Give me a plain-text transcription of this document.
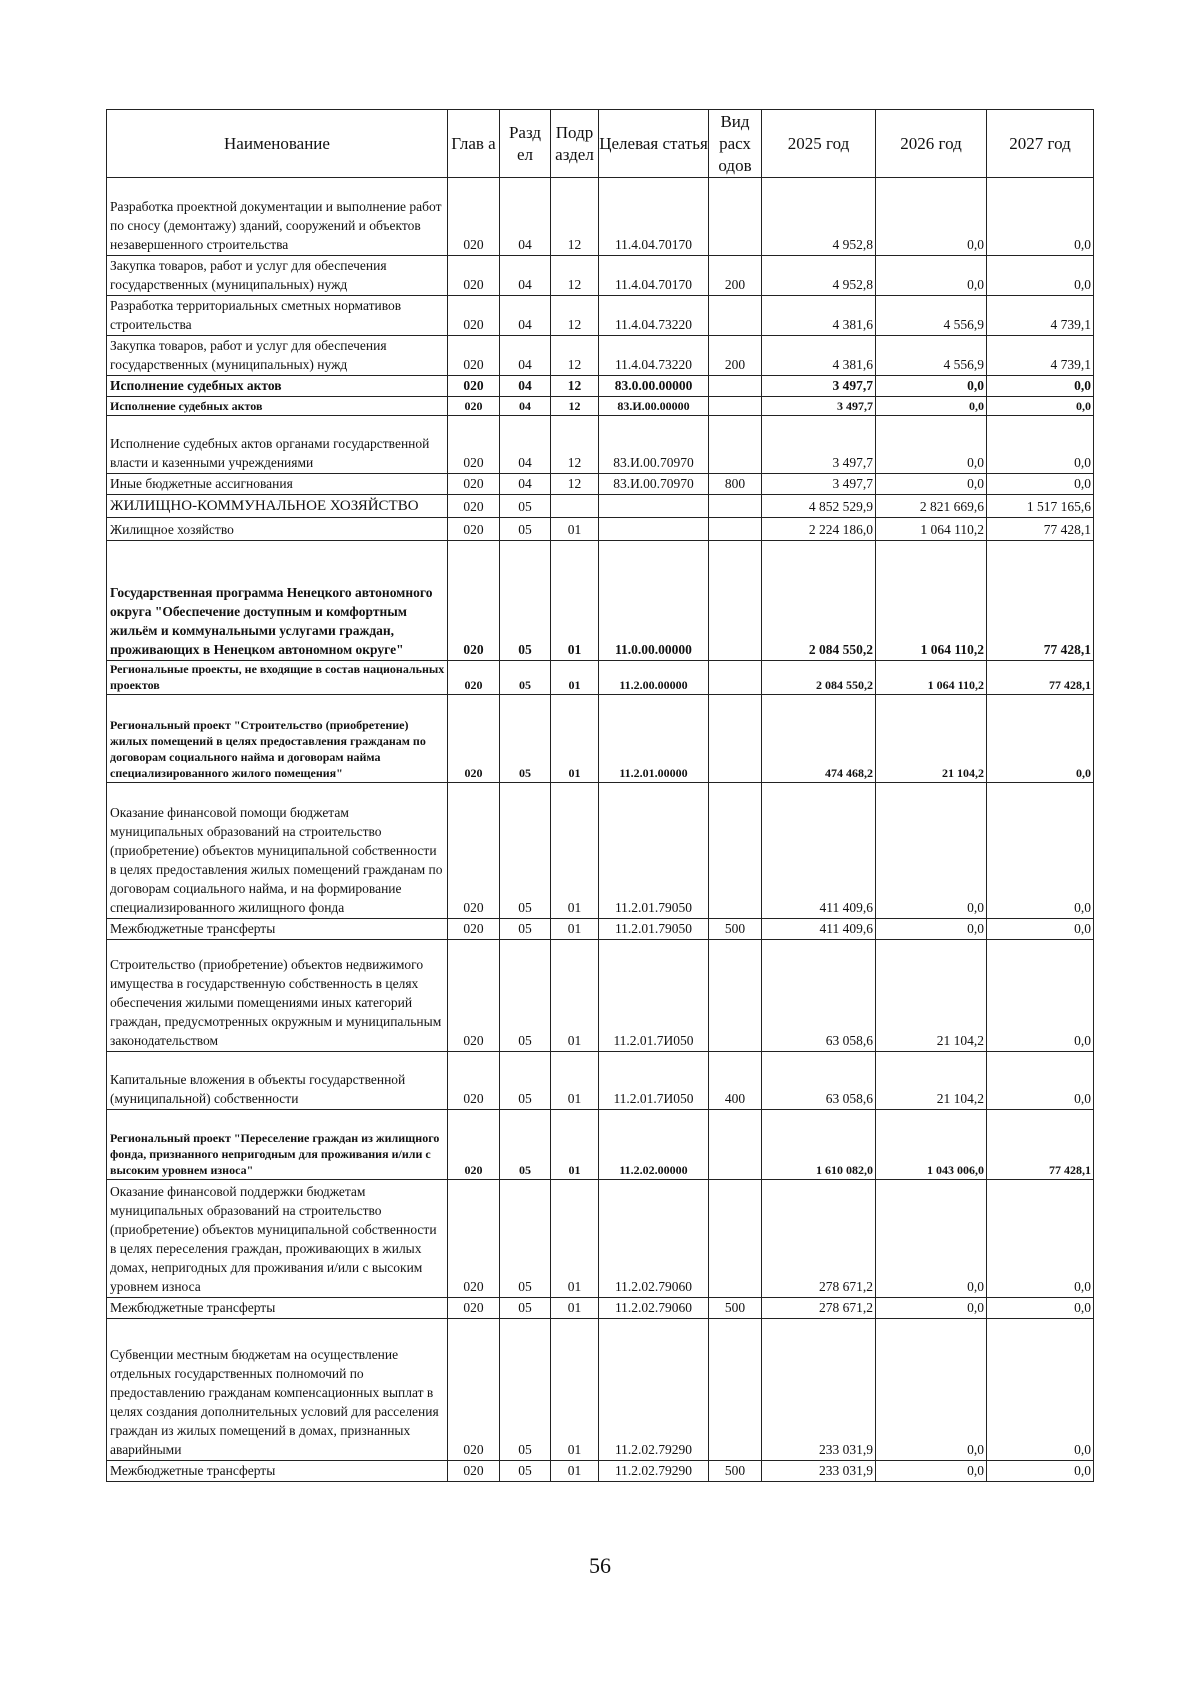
Наименование	Глав а	Разд ел	Подр аздел	Целевая статья	Вид расх одов	2025 год	2026 год	2027 год
Разработка проектной документации и выполнение работ по сносу (демонтажу) зданий, сооружений и объектов незавершенного строительства	020	04	12	11.4.04.70170		4 952,8	0,0	0,0
Закупка товаров, работ и услуг для обеспечения государственных (муниципальных) нужд	020	04	12	11.4.04.70170	200	4 952,8	0,0	0,0
Разработка территориальных сметных нормативов строительства	020	04	12	11.4.04.73220		4 381,6	4 556,9	4 739,1
Закупка товаров, работ и услуг для обеспечения государственных (муниципальных) нужд	020	04	12	11.4.04.73220	200	4 381,6	4 556,9	4 739,1
Исполнение судебных актов	020	04	12	83.0.00.00000		3 497,7	0,0	0,0
Исполнение судебных актов	020	04	12	83.И.00.00000		3 497,7	0,0	0,0
Исполнение судебных актов органами государственной власти и казенными учреждениями	020	04	12	83.И.00.70970		3 497,7	0,0	0,0
Иные бюджетные ассигнования	020	04	12	83.И.00.70970	800	3 497,7	0,0	0,0
ЖИЛИЩНО-КОММУНАЛЬНОЕ ХОЗЯЙСТВО	020	05				4 852 529,9	2 821 669,6	1 517 165,6
Жилищное хозяйство	020	05	01			2 224 186,0	1 064 110,2	77 428,1
Государственная программа Ненецкого автономного округа "Обеспечение доступным и комфортным жильём и коммунальными услугами граждан, проживающих в Ненецком автономном округе"	020	05	01	11.0.00.00000		2 084 550,2	1 064 110,2	77 428,1
Региональные проекты, не входящие в состав национальных проектов	020	05	01	11.2.00.00000		2 084 550,2	1 064 110,2	77 428,1
Региональный проект "Строительство (приобретение) жилых помещений в целях предоставления гражданам по договорам социального найма и договорам найма специализированного жилого помещения"	020	05	01	11.2.01.00000		474 468,2	21 104,2	0,0
Оказание финансовой помощи бюджетам муниципальных образований на строительство (приобретение) объектов муниципальной собственности в целях предоставления жилых помещений гражданам по договорам социального найма, и на формирование специализированного жилищного фонда	020	05	01	11.2.01.79050		411 409,6	0,0	0,0
Межбюджетные трансферты	020	05	01	11.2.01.79050	500	411 409,6	0,0	0,0
Строительство (приобретение) объектов недвижимого имущества в государственную собственность в целях обеспечения жилыми помещениями иных категорий граждан, предусмотренных окружным и муниципальным законодательством	020	05	01	11.2.01.7И050		63 058,6	21 104,2	0,0
Капитальные вложения в объекты государственной (муниципальной) собственности	020	05	01	11.2.01.7И050	400	63 058,6	21 104,2	0,0
Региональный проект "Переселение граждан из жилищного фонда, признанного непригодным для проживания и/или с высоким уровнем износа"	020	05	01	11.2.02.00000		1 610 082,0	1 043 006,0	77 428,1
Оказание финансовой поддержки бюджетам муниципальных образований на строительство (приобретение) объектов муниципальной собственности в целях переселения граждан, проживающих в жилых домах, непригодных для проживания и/или с высоким уровнем износа	020	05	01	11.2.02.79060		278 671,2	0,0	0,0
Межбюджетные трансферты	020	05	01	11.2.02.79060	500	278 671,2	0,0	0,0
Субвенции местным бюджетам на осуществление отдельных государственных полномочий по предоставлению гражданам компенсационных выплат в целях создания дополнительных условий для расселения граждан из жилых помещений в домах, признанных аварийными	020	05	01	11.2.02.79290		233 031,9	0,0	0,0
Межбюджетные трансферты	020	05	01	11.2.02.79290	500	233 031,9	0,0	0,0
56
